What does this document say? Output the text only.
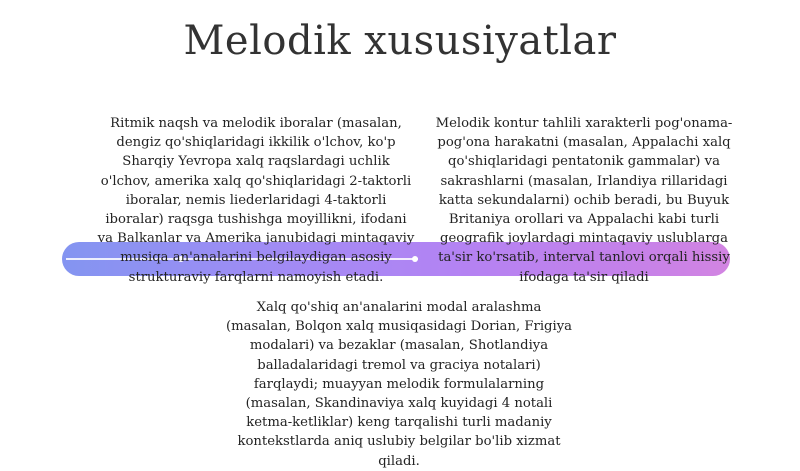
Melodik xususiyatlar
Ritmik naqsh va melodik iboralar (masalan, dengiz qo'shiqlaridagi ikkilik o'lchov, ko'p Sharqiy Yevropa xalq raqslardagi uchlik o'lchov, amerika xalq qo'shiqlaridagi 2-taktorli iboralar, nemis liederlaridagi 4-taktorli iboralar) raqsga tushishga moyillikni, ifodani va Balkanlar va Amerika janubidagi mintaqaviy musiqa an'analarini belgilaydigan asosiy strukturaviy farqlarni namoyish etadi.
Melodik kontur tahlili xarakterli pog'onama-pog'ona harakatni (masalan, Appalachi xalq qo'shiqlaridagi pentatonik gammalar) va sakrashlarni (masalan, Irlandiya rillaridagi katta sekundalarni) ochib beradi, bu Buyuk Britaniya orollari va Appalachi kabi turli geografik joylardagi mintaqaviy uslublarga ta'sir ko'rsatib, interval tanlovi orqali hissiy ifodaga ta'sir qiladi
Xalq qo'shiq an'analarini modal aralashma (masalan, Bolqon xalq musiqasidagi Dorian, Frigiya modalari) va bezaklar (masalan, Shotlandiya balladalaridagi tremol va graciya notalari) farqlaydi; muayyan melodik formulalarning (masalan, Skandinaviya xalq kuyidagi 4 notali ketma-ketliklar) keng tarqalishi turli madaniy kontekstlarda aniq uslubiy belgilar bo'lib xizmat qiladi.
